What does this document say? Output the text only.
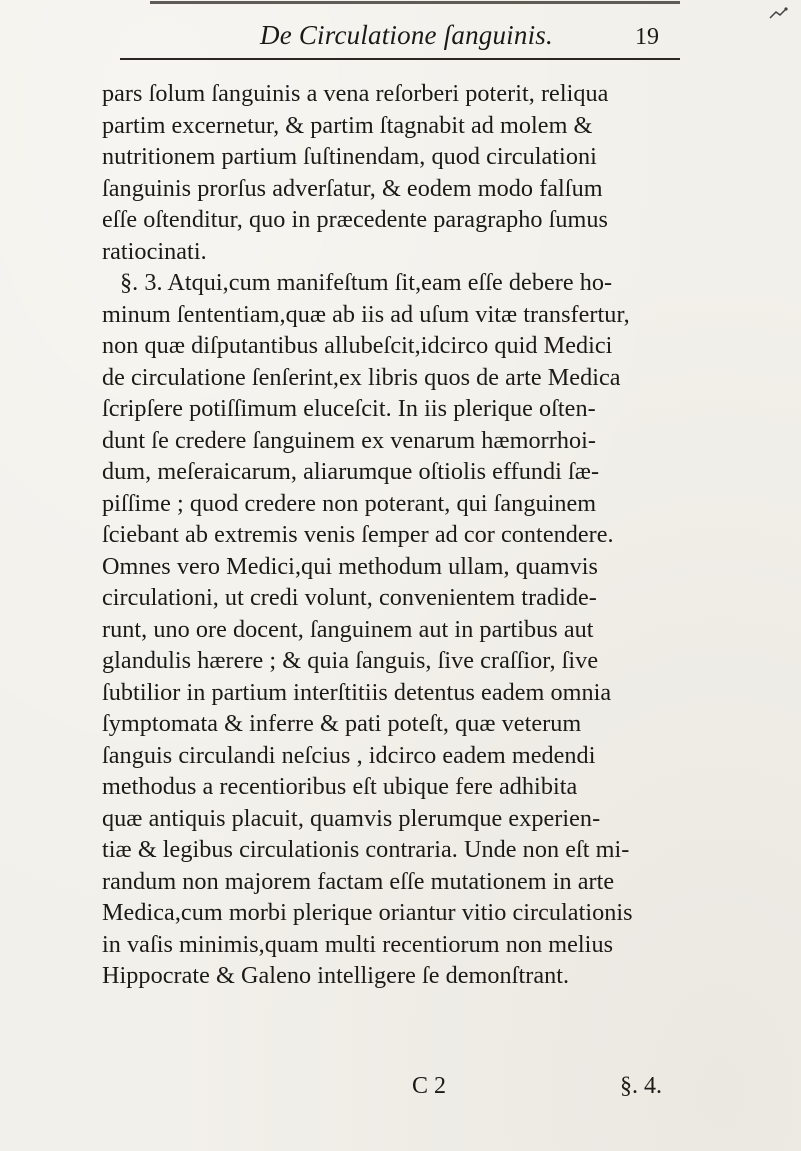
De Circulatione ſanguinis.	19
pars ſolum ſanguinis a vena reſorberi poterit, reliqua
partim excernetur, & partim ſtagnabit ad molem &
nutritionem partium ſuſtinendam, quod circulationi
ſanguinis prorſus adverſatur, & eodem modo falſum
eſſe oſtenditur, quo in præcedente paragrapho ſumus
ratiocinati.
§. 3. Atqui,cum manifeſtum ſit,eam eſſe debere ho-
minum ſententiam,quæ ab iis ad uſum vitæ transfertur,
non quæ diſputantibus allubeſcit,idcirco quid Medici
de circulatione ſenſerint,ex libris quos de arte Medica
ſcripſere potiſſimum eluceſcit. In iis plerique oſten-
dunt ſe credere ſanguinem ex venarum hæmorrhoi-
dum, meſeraicarum, aliarumque oſtiolis effundi ſæ-
piſſime ; quod credere non poterant, qui ſanguinem
ſciebant ab extremis venis ſemper ad cor contendere.
Omnes vero Medici,qui methodum ullam, quamvis
circulationi, ut credi volunt, convenientem tradide-
runt, uno ore docent, ſanguinem aut in partibus aut
glandulis hærere ; & quia ſanguis, ſive craſſior, ſive
ſubtilior in partium interſtitiis detentus eadem omnia
ſymptomata & inferre & pati poteſt, quæ veterum
ſanguis circulandi neſcius , idcirco eadem medendi
methodus a recentioribus eſt ubique fere adhibita
quæ antiquis placuit, quamvis plerumque experien-
tiæ & legibus circulationis contraria. Unde non eſt mi-
randum non majorem factam eſſe mutationem in arte
Medica,cum morbi plerique oriantur vitio circulationis
in vaſis minimis,quam multi recentiorum non melius
Hippocrate & Galeno intelligere ſe demonſtrant.
C 2	§. 4.
